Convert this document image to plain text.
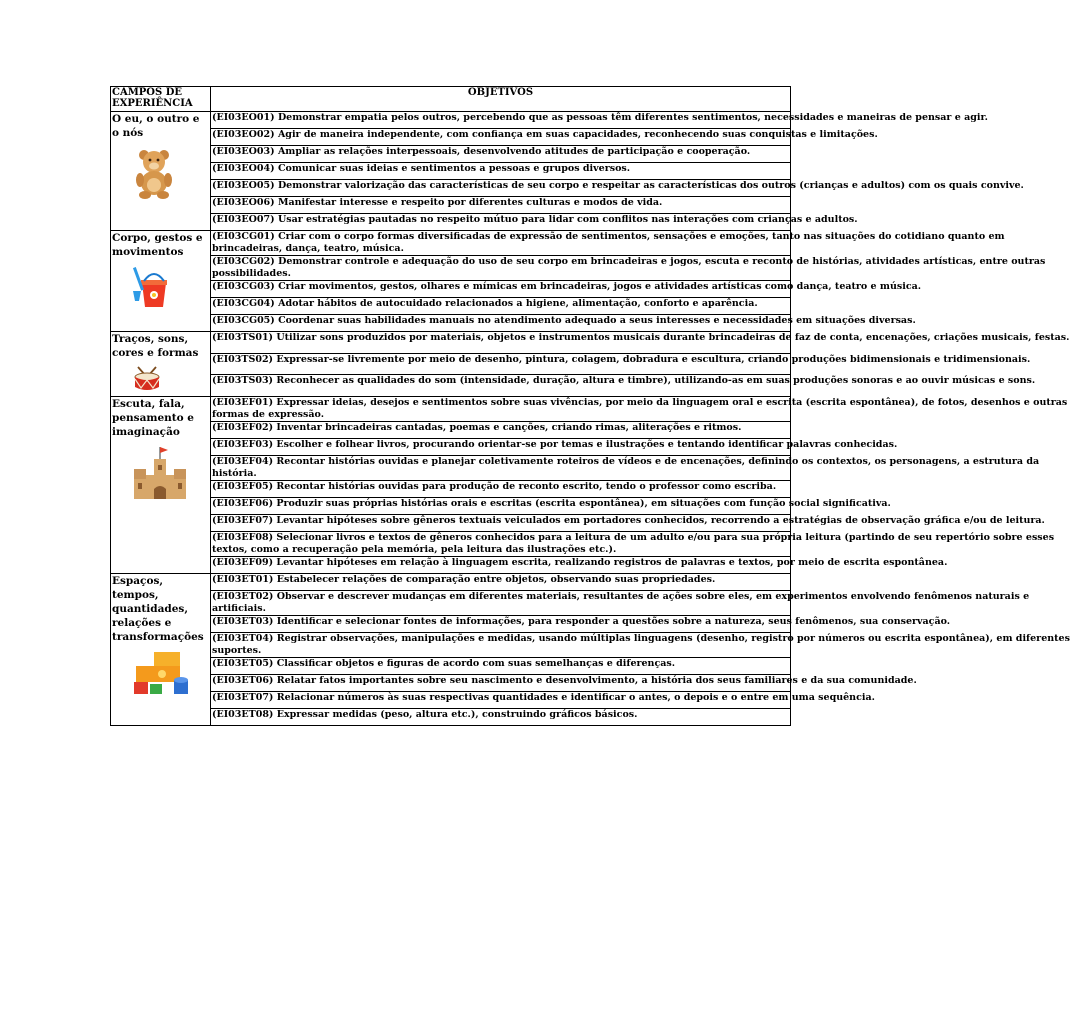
CAMPOS DE EXPERIÊNCIA	OBJETIVOS

O eu, o outro e o nós	(EI03EO01) Demonstrar empatia pelos outros, percebendo que as pessoas têm diferentes sentimentos, necessidades e maneiras de pensar e agir.

	(EI03EO02) Agir de maneira independente, com confiança em suas capacidades, reconhecendo suas conquistas e limitações.

	(EI03EO03) Ampliar as relações interpessoais, desenvolvendo atitudes de participação e cooperação.

	(EI03EO04) Comunicar suas ideias e sentimentos a pessoas e grupos diversos.

	(EI03EO05) Demonstrar valorização das características de seu corpo e respeitar as características dos outros (crianças e adultos) com os quais convive.

	(EI03EO06) Manifestar interesse e respeito por diferentes culturas e modos de vida.

	(EI03EO07) Usar estratégias pautadas no respeito mútuo para lidar com conflitos nas interações com crianças e adultos.

Corpo, gestos e movimentos	(EI03CG01) Criar com o corpo formas diversificadas de expressão de sentimentos, sensações e emoções, tanto nas situações do cotidiano quanto em
brincadeiras, dança, teatro, música.

	(EI03CG02) Demonstrar controle e adequação do uso de seu corpo em brincadeiras e jogos, escuta e reconto de histórias, atividades artísticas, entre outras
possibilidades.

	(EI03CG03) Criar movimentos, gestos, olhares e mímicas em brincadeiras, jogos e atividades artísticas como dança, teatro e música.

	(EI03CG04) Adotar hábitos de autocuidado relacionados a higiene, alimentação, conforto e aparência.

	(EI03CG05) Coordenar suas habilidades manuais no atendimento adequado a seus interesses e necessidades em situações diversas.

Traços, sons, cores e formas	(EI03TS01) Utilizar sons produzidos por materiais, objetos e instrumentos musicais durante brincadeiras de faz de conta, encenações, criações musicais, festas.

	(EI03TS02) Expressar-se livremente por meio de desenho, pintura, colagem, dobradura e escultura, criando produções bidimensionais e tridimensionais.

	(EI03TS03) Reconhecer as qualidades do som (intensidade, duração, altura e timbre), utilizando-as em suas produções sonoras e ao ouvir músicas e sons.

Escuta, fala, pensamento e imaginação	(EI03EF01) Expressar ideias, desejos e sentimentos sobre suas vivências, por meio da linguagem oral e escrita (escrita espontânea), de fotos, desenhos e outras
formas de expressão.

	(EI03EF02) Inventar brincadeiras cantadas, poemas e canções, criando rimas, aliterações e ritmos.

	(EI03EF03) Escolher e folhear livros, procurando orientar-se por temas e ilustrações e tentando identificar palavras conhecidas.

	(EI03EF04) Recontar histórias ouvidas e planejar coletivamente roteiros de vídeos e de encenações, definindo os contextos, os personagens, a estrutura da
história.

	(EI03EF05) Recontar histórias ouvidas para produção de reconto escrito, tendo o professor como escriba.

	(EI03EF06) Produzir suas próprias histórias orais e escritas (escrita espontânea), em situações com função social significativa.

	(EI03EF07) Levantar hipóteses sobre gêneros textuais veiculados em portadores conhecidos, recorrendo a estratégias de observação gráfica e/ou de leitura.

	(EI03EF08) Selecionar livros e textos de gêneros conhecidos para a leitura de um adulto e/ou para sua própria leitura (partindo de seu repertório sobre esses
textos, como a recuperação pela memória, pela leitura das ilustrações etc.).

	(EI03EF09) Levantar hipóteses em relação à linguagem escrita, realizando registros de palavras e textos, por meio de escrita espontânea.

Espaços, tempos, quantidades, relações e transformações	(EI03ET01) Estabelecer relações de comparação entre objetos, observando suas propriedades.

	(EI03ET02) Observar e descrever mudanças em diferentes materiais, resultantes de ações sobre eles, em experimentos envolvendo fenômenos naturais e
artificiais.

	(EI03ET03) Identificar e selecionar fontes de informações, para responder a questões sobre a natureza, seus fenômenos, sua conservação.

	(EI03ET04) Registrar observações, manipulações e medidas, usando múltiplas linguagens (desenho, registro por números ou escrita espontânea), em diferentes
suportes.

	(EI03ET05) Classificar objetos e figuras de acordo com suas semelhanças e diferenças.

	(EI03ET06) Relatar fatos importantes sobre seu nascimento e desenvolvimento, a história dos seus familiares e da sua comunidade.

	(EI03ET07) Relacionar números às suas respectivas quantidades e identificar o antes, o depois e o entre em uma sequência.

	(EI03ET08) Expressar medidas (peso, altura etc.), construindo gráficos básicos.
